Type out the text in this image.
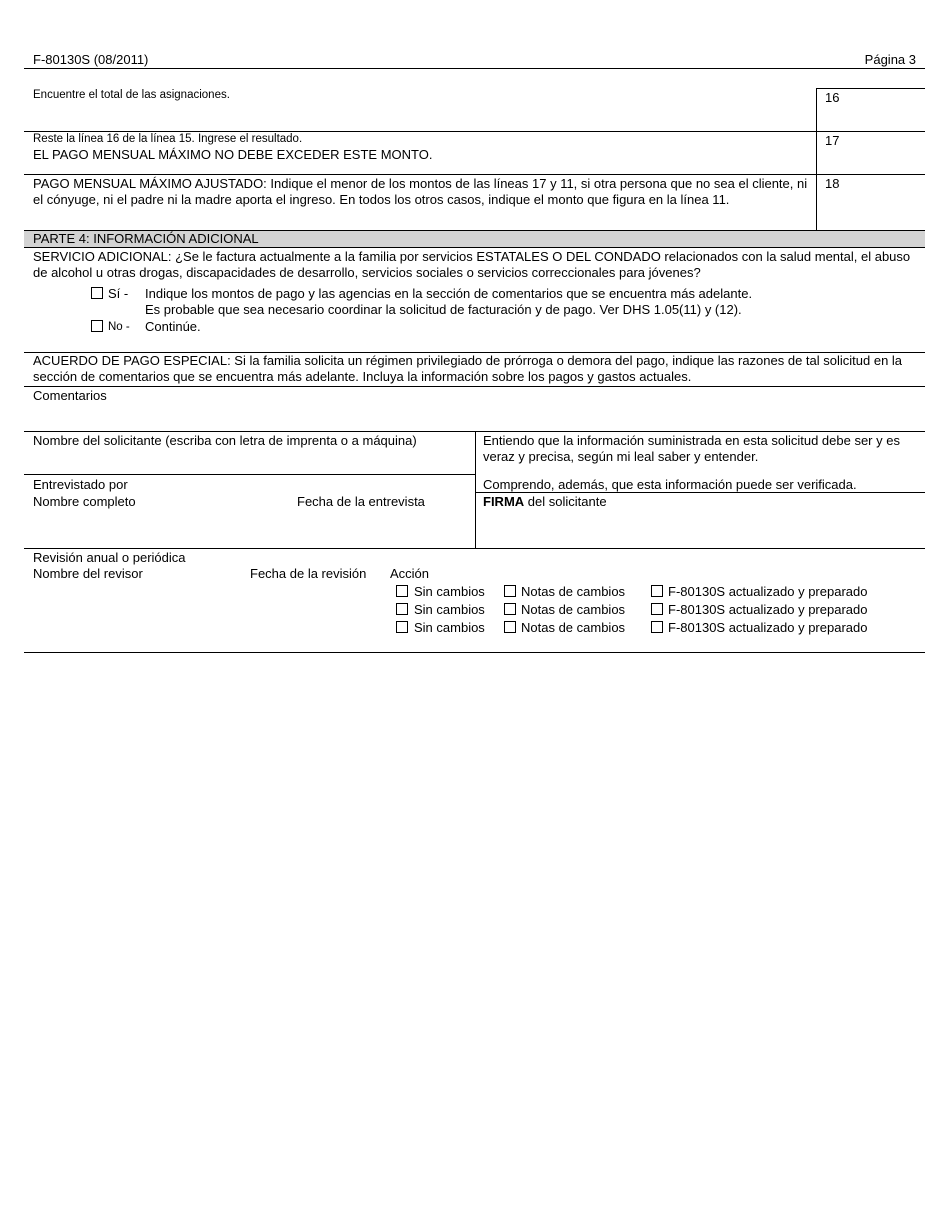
F-80130S (08/2011)	Página 3
Encuentre el total de las asignaciones.	16
Reste la línea 16 de la línea 15. Ingrese el resultado.
EL PAGO MENSUAL MÁXIMO NO DEBE EXCEDER ESTE MONTO.
17
PAGO MENSUAL MÁXIMO AJUSTADO: Indique el menor de los montos de las líneas 17 y 11, si otra persona que no sea el cliente, ni el cónyuge, ni el padre ni la madre aporta el ingreso. En todos los otros casos, indique el monto que figura en la línea 11.
18
PARTE 4: INFORMACIÓN ADICIONAL
SERVICIO ADICIONAL: ¿Se le factura actualmente a la familia por servicios ESTATALES O DEL CONDADO relacionados con la salud mental, el abuso de alcohol u otras drogas, discapacidades de desarrollo, servicios sociales o servicios correccionales para jóvenes?
Sí - Indique los montos de pago y las agencias en la sección de comentarios que se encuentra más adelante.
Es probable que sea necesario coordinar la solicitud de facturación y de pago. Ver DHS 1.05(11) y (12).
No - Continúe.
ACUERDO DE PAGO ESPECIAL: Si la familia solicita un régimen privilegiado de prórroga o demora del pago, indique las razones de tal solicitud en la sección de comentarios que se encuentra más adelante. Incluya la información sobre los pagos y gastos actuales.
Comentarios
Nombre del solicitante (escriba con letra de imprenta o a máquina)	Entiendo que la información suministrada en esta solicitud debe ser y es veraz y precisa, según mi leal saber y entender.
Comprendo, además, que esta información puede ser verificada.
FIRMA del solicitante
Entrevistado por
Nombre completo	Fecha de la entrevista
Revisión anual o periódica
Nombre del revisor	Fecha de la revisión Acción
Sin cambios	Notas de cambios	F-80130S actualizado y preparado
Sin cambios	Notas de cambios	F-80130S actualizado y preparado
Sin cambios	Notas de cambios	F-80130S actualizado y preparado
